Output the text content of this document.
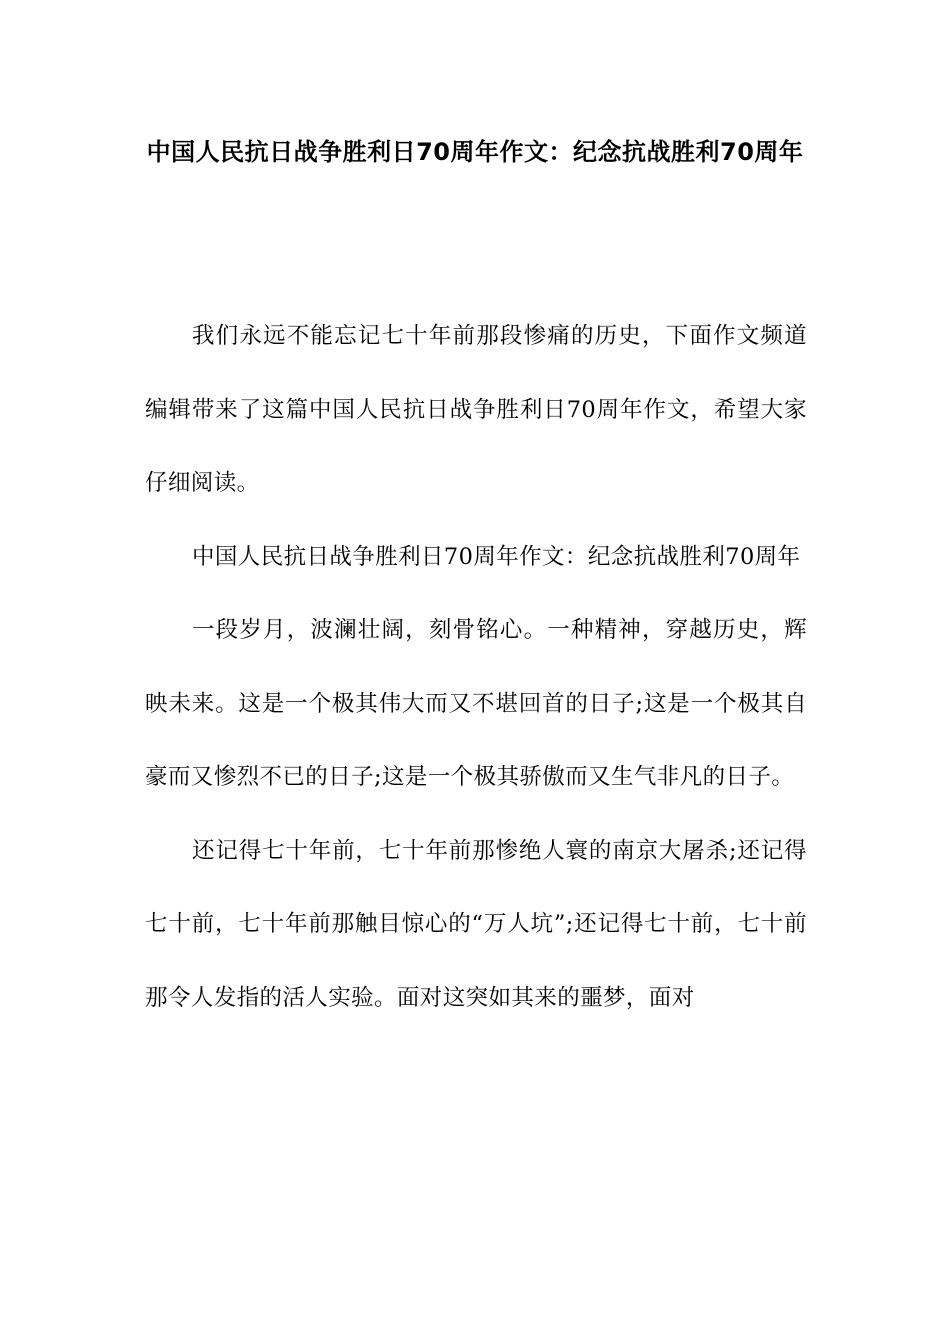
中国人民抗日战争胜利日70周年作文：纪念抗战胜利70周年

我们永远不能忘记七十年前那段惨痛的历史，下面作文频道编辑带来了这篇中国人民抗日战争胜利日70周年作文，希望大家仔细阅读。

中国人民抗日战争胜利日70周年作文：纪念抗战胜利70周年

一段岁月，波澜壮阔，刻骨铭心。一种精神，穿越历史，辉映未来。这是一个极其伟大而又不堪回首的日子;这是一个极其自豪而又惨烈不已的日子;这是一个极其骄傲而又生气非凡的日子。

还记得七十年前，七十年前那惨绝人寰的南京大屠杀;还记得七十前，七十年前那触目惊心的“万人坑”;还记得七十前，七十前那令人发指的活人实验。面对这突如其来的噩梦，面对
